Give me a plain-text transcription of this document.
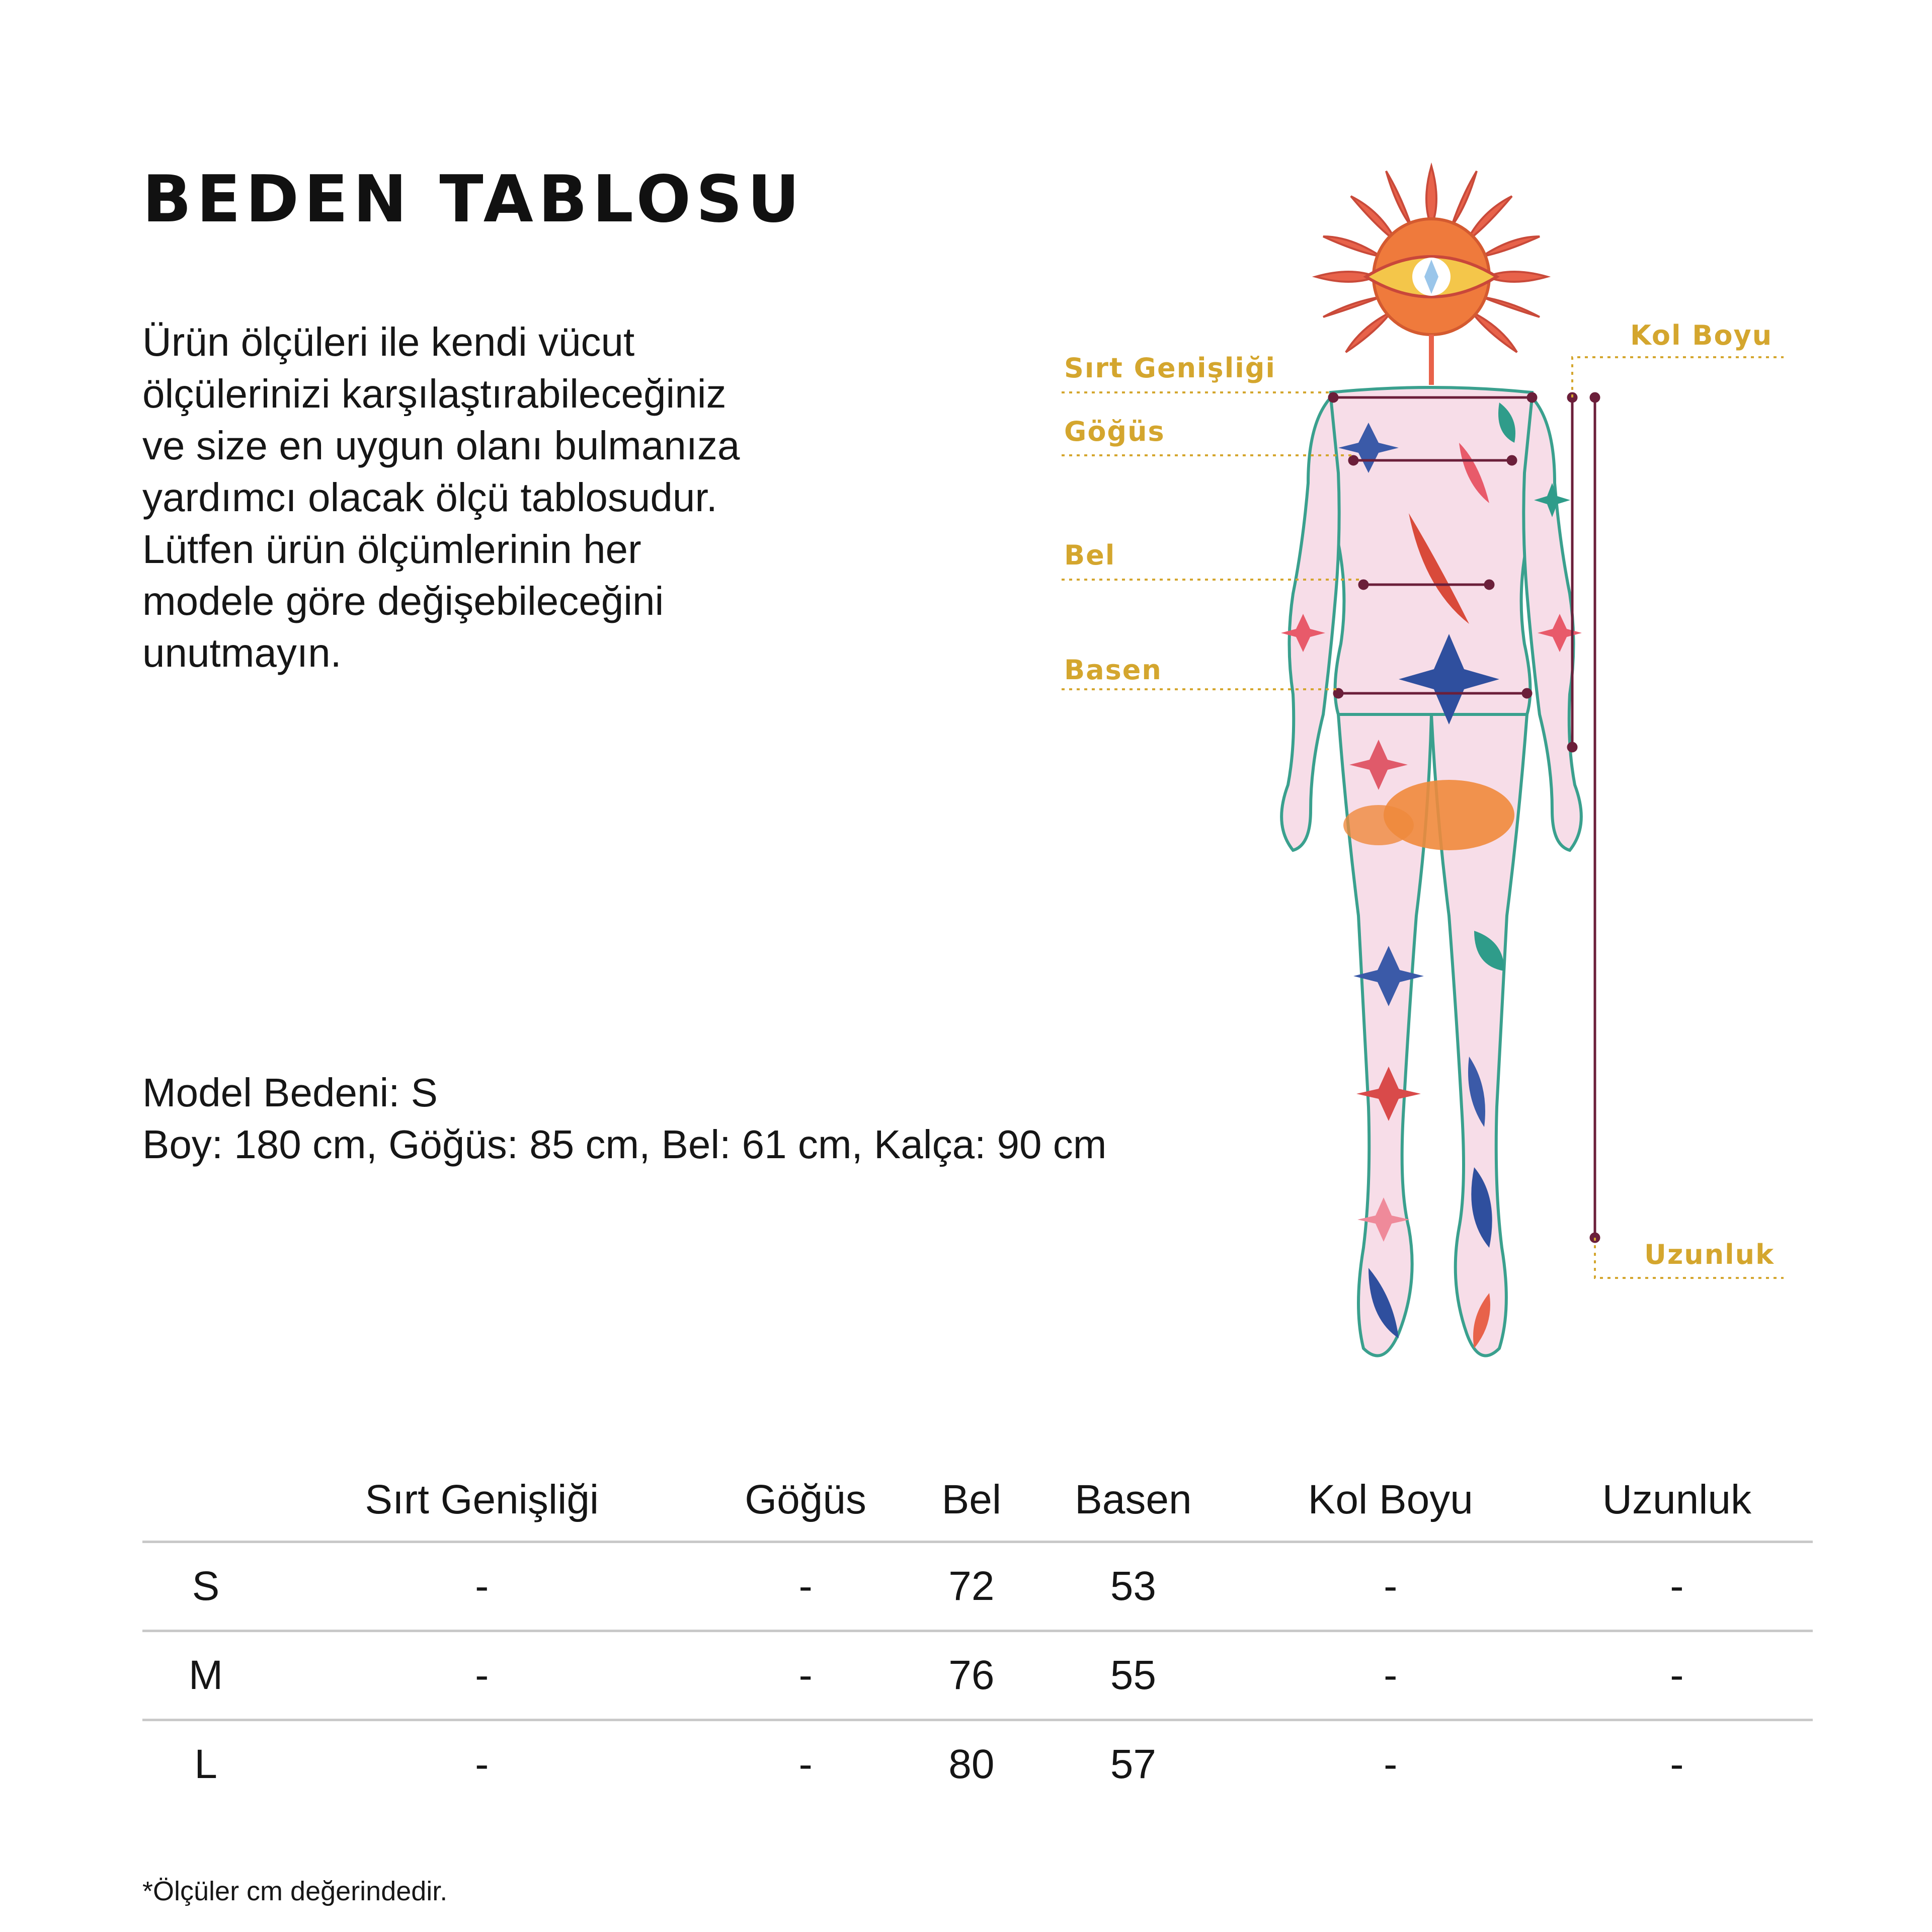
BEDEN TABLOSU
Ürün ölçüleri ile kendi vücut
ölçülerinizi karşılaştırabileceğiniz
ve size en uygun olanı bulmanıza
yardımcı olacak ölçü tablosudur.
Lütfen ürün ölçümlerinin her
modele göre değişebileceğini
unutmayın.
Model Bedeni: S
Boy: 180 cm, Göğüs: 85 cm, Bel: 61 cm, Kalça: 90 cm
Sırt Genişliği
Göğüs
Bel
Basen
Kol Boyu
Uzunluk
	Sırt Genişliği	Göğüs	Bel	Basen	Kol Boyu	Uzunluk
S	-	-	72	53	-	-
M	-	-	76	55	-	-
L	-	-	80	57	-	-
*Ölçüler cm değerindedir.
